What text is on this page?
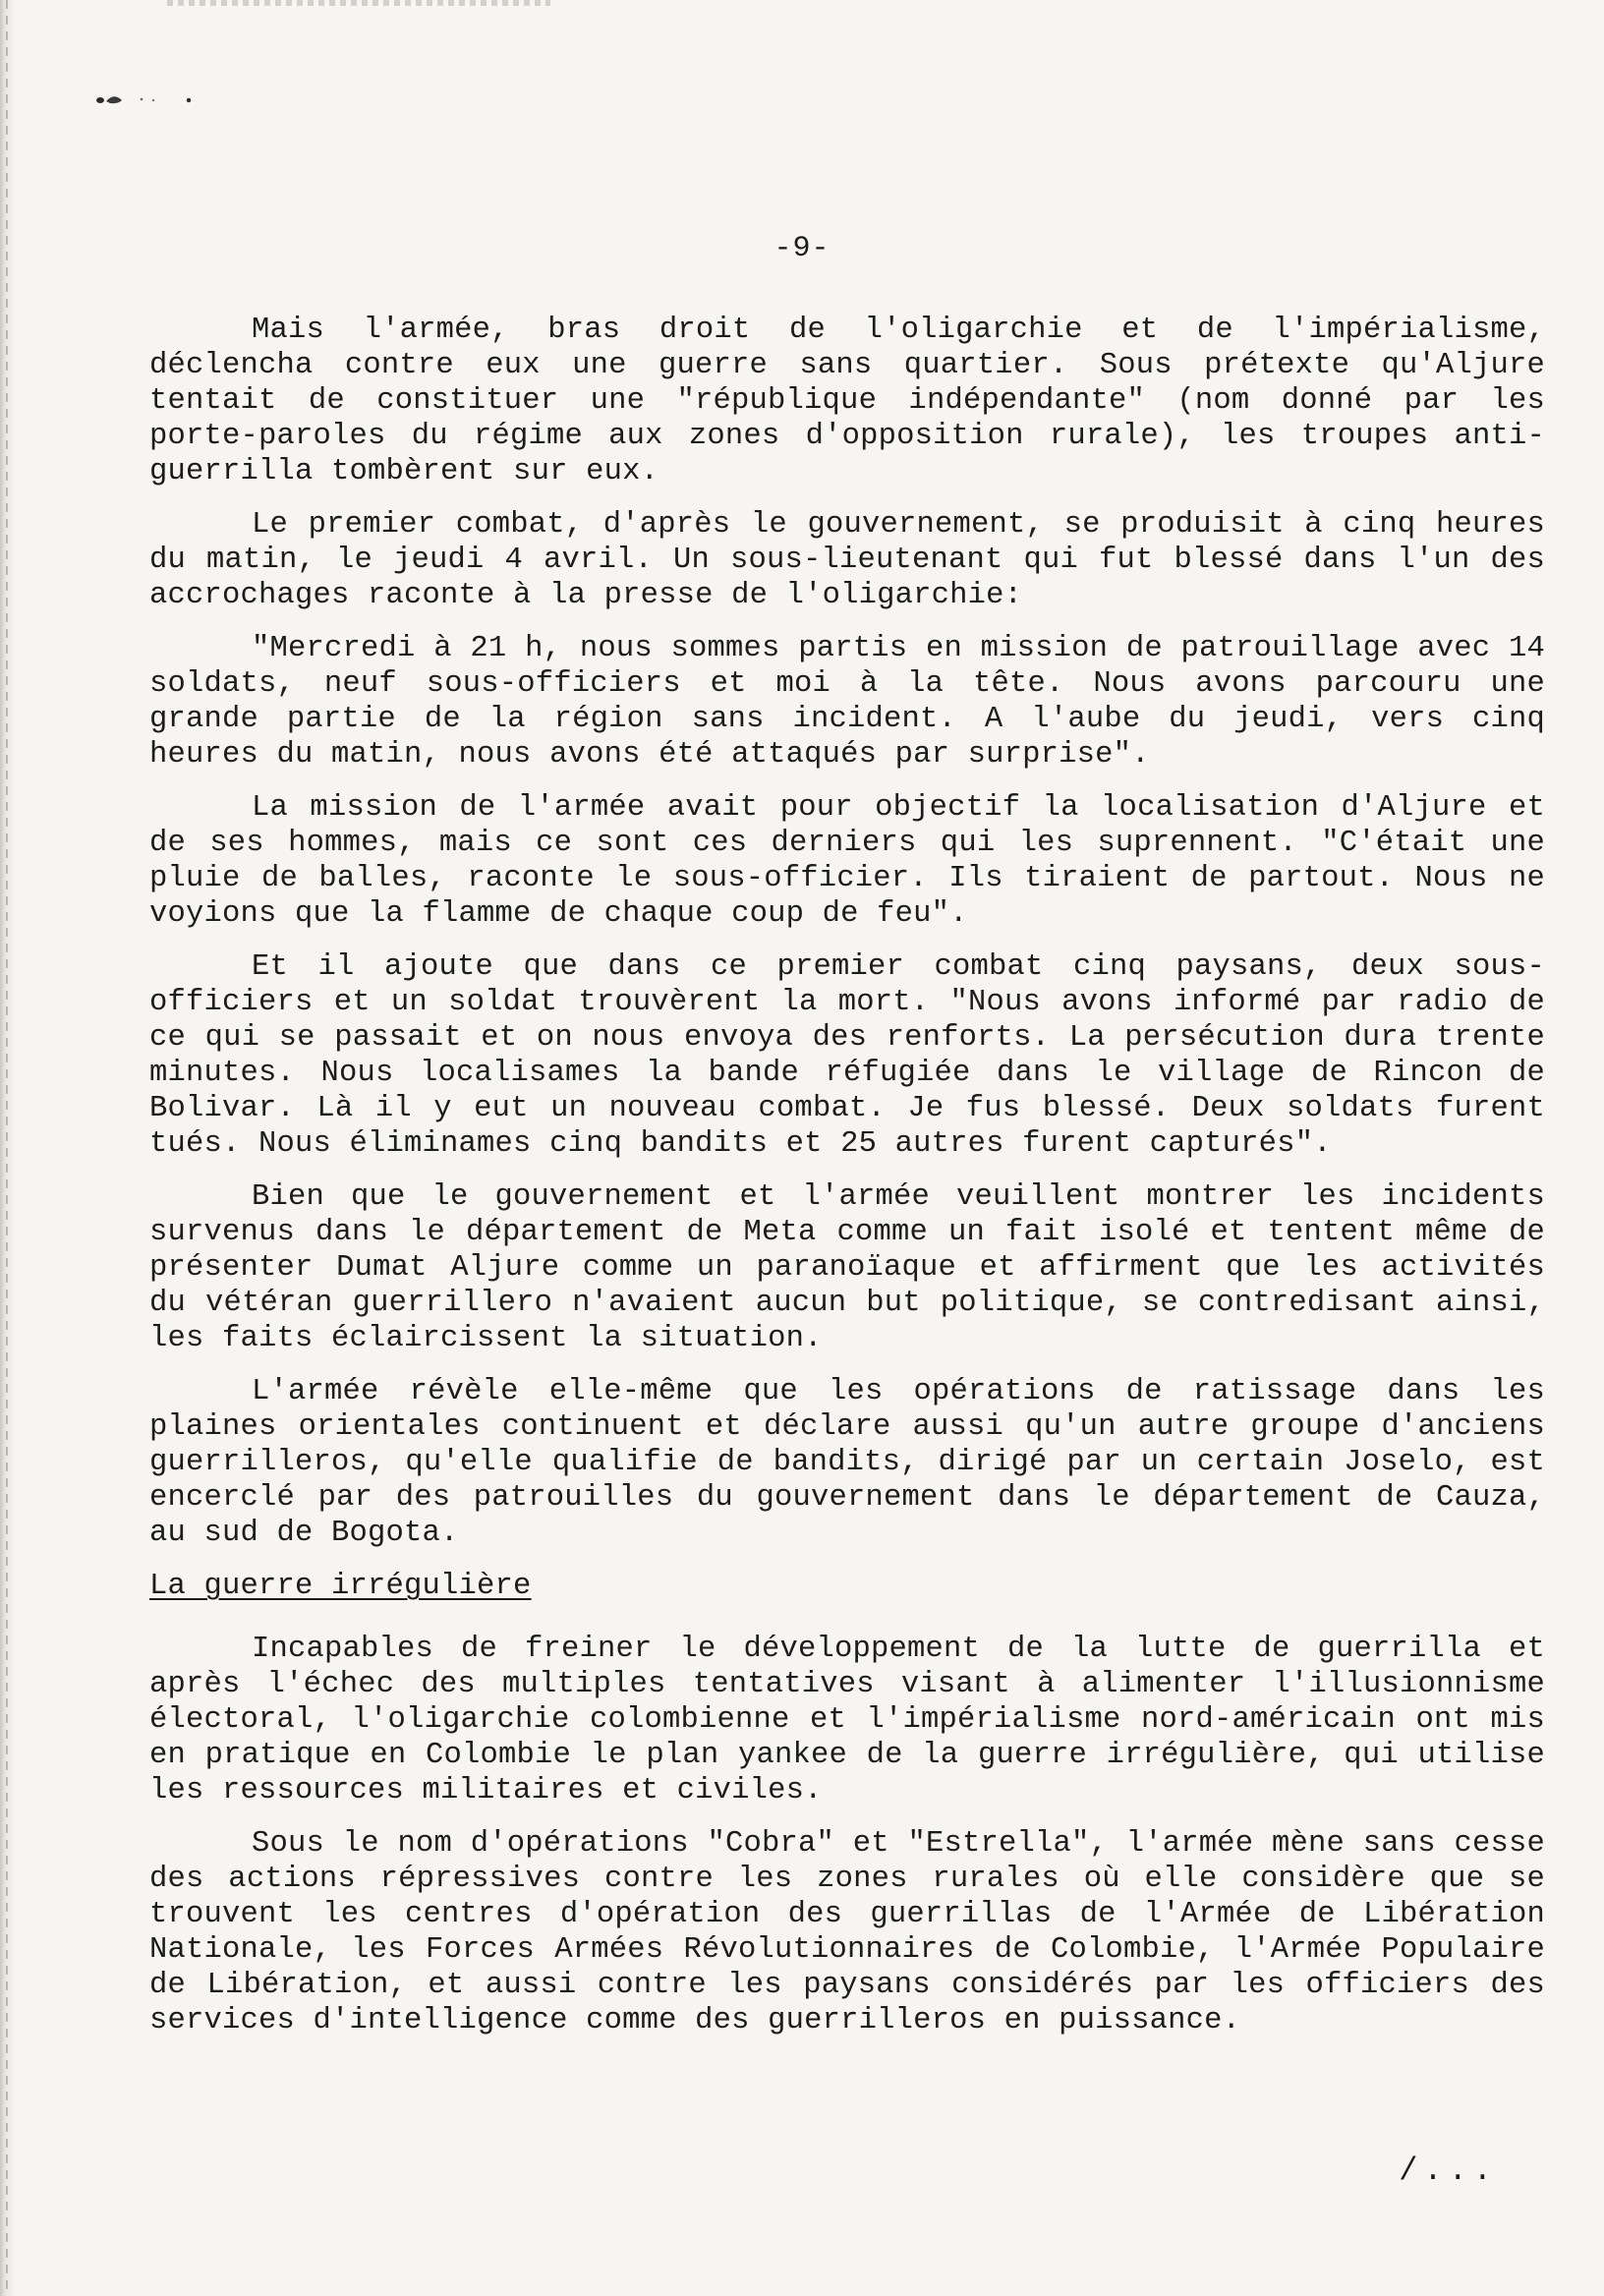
-9-

Mais l'armée, bras droit de l'oligarchie et de l'impérialisme, déclencha contre eux une guerre sans quartier. Sous prétexte qu'Aljure tentait de constituer une "république indépendante" (nom donné par les porte-paroles du régime aux zones d'opposition rurale), les troupes anti-guerrilla tombèrent sur eux.

Le premier combat, d'après le gouvernement, se produisit à cinq heures du matin, le jeudi 4 avril. Un sous-lieutenant qui fut blessé dans l'un des accrochages raconte à la presse de l'oligarchie:

"Mercredi à 21 h, nous sommes partis en mission de patrouillage avec 14 soldats, neuf sous-officiers et moi à la tête. Nous avons parcouru une grande partie de la région sans incident. A l'aube du jeudi, vers cinq heures du matin, nous avons été attaqués par surprise".

La mission de l'armée avait pour objectif la localisation d'Aljure et de ses hommes, mais ce sont ces derniers qui les suprennent. "C'était une pluie de balles, raconte le sous-officier. Ils tiraient de partout. Nous ne voyions que la flamme de chaque coup de feu".

Et il ajoute que dans ce premier combat cinq paysans, deux sous-officiers et un soldat trouvèrent la mort. "Nous avons informé par radio de ce qui se passait et on nous envoya des renforts. La persécution dura trente minutes. Nous localisames la bande réfugiée dans le village de Rincon de Bolivar. Là il y eut un nouveau combat. Je fus blessé. Deux soldats furent tués. Nous éliminames cinq bandits et 25 autres furent capturés".

Bien que le gouvernement et l'armée veuillent montrer les incidents survenus dans le département de Meta comme un fait isolé et tentent même de présenter Dumat Aljure comme un paranoïaque et affirment que les activités du vétéran guerrillero n'avaient aucun but politique, se contredisant ainsi, les faits éclaircissent la situation.

L'armée révèle elle-même que les opérations de ratissage dans les plaines orientales continuent et déclare aussi qu'un autre groupe d'anciens guerrilleros, qu'elle qualifie de bandits, dirigé par un certain Joselo, est encerclé par des patrouilles du gouvernement dans le département de Cauza, au sud de Bogota.

La guerre irrégulière

Incapables de freiner le développement de la lutte de guerrilla et après l'échec des multiples tentatives visant à alimenter l'illusionnisme électoral, l'oligarchie colombienne et l'impérialisme nord-américain ont mis en pratique en Colombie le plan yankee de la guerre irrégulière, qui utilise les ressources militaires et civiles.

Sous le nom d'opérations "Cobra" et "Estrella", l'armée mène sans cesse des actions répressives contre les zones rurales où elle considère que se trouvent les centres d'opération des guerrillas de l'Armée de Libération Nationale, les Forces Armées Révolutionnaires de Colombie, l'Armée Populaire de Libération, et aussi contre les paysans considérés par les officiers des services d'intelligence comme des guerrilleros en puissance.

/...
